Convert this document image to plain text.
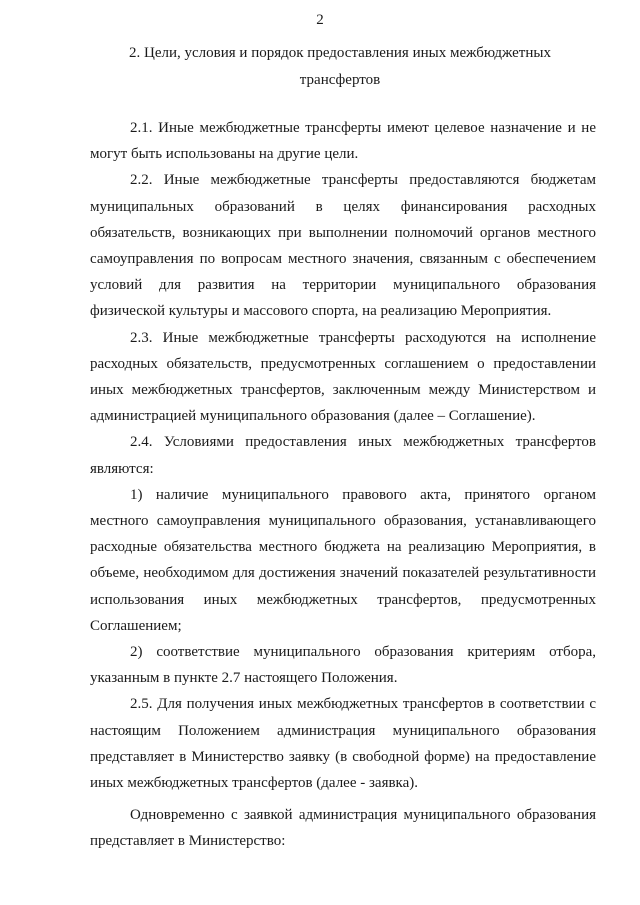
2
2. Цели, условия и порядок предоставления иных межбюджетных трансфертов

2.1. Иные межбюджетные трансферты имеют целевое назначение и не могут быть использованы на другие цели.

2.2. Иные межбюджетные трансферты предоставляются бюджетам муниципальных образований в целях финансирования расходных обязательств, возникающих при выполнении полномочий органов местного самоуправления по вопросам местного значения, связанным с обеспечением условий для развития на территории муниципального образования физической культуры и массового спорта, на реализацию Мероприятия.

2.3. Иные межбюджетные трансферты расходуются на исполнение расходных обязательств, предусмотренных соглашением о предоставлении иных межбюджетных трансфертов, заключенным между Министерством и администрацией муниципального образования (далее – Соглашение).

2.4. Условиями предоставления иных межбюджетных трансфертов являются:

1) наличие муниципального правового акта, принятого органом местного самоуправления муниципального образования, устанавливающего расходные обязательства местного бюджета на реализацию Мероприятия, в объеме, необходимом для достижения значений показателей результативности использования иных межбюджетных трансфертов, предусмотренных Соглашением;

2) соответствие муниципального образования критериям отбора, указанным в пункте 2.7 настоящего Положения.

2.5. Для получения иных межбюджетных трансфертов в соответствии с настоящим Положением администрация муниципального образования представляет в Министерство заявку (в свободной форме) на предоставление иных межбюджетных трансфертов (далее - заявка).

Одновременно с заявкой администрация муниципального образования представляет в Министерство:
